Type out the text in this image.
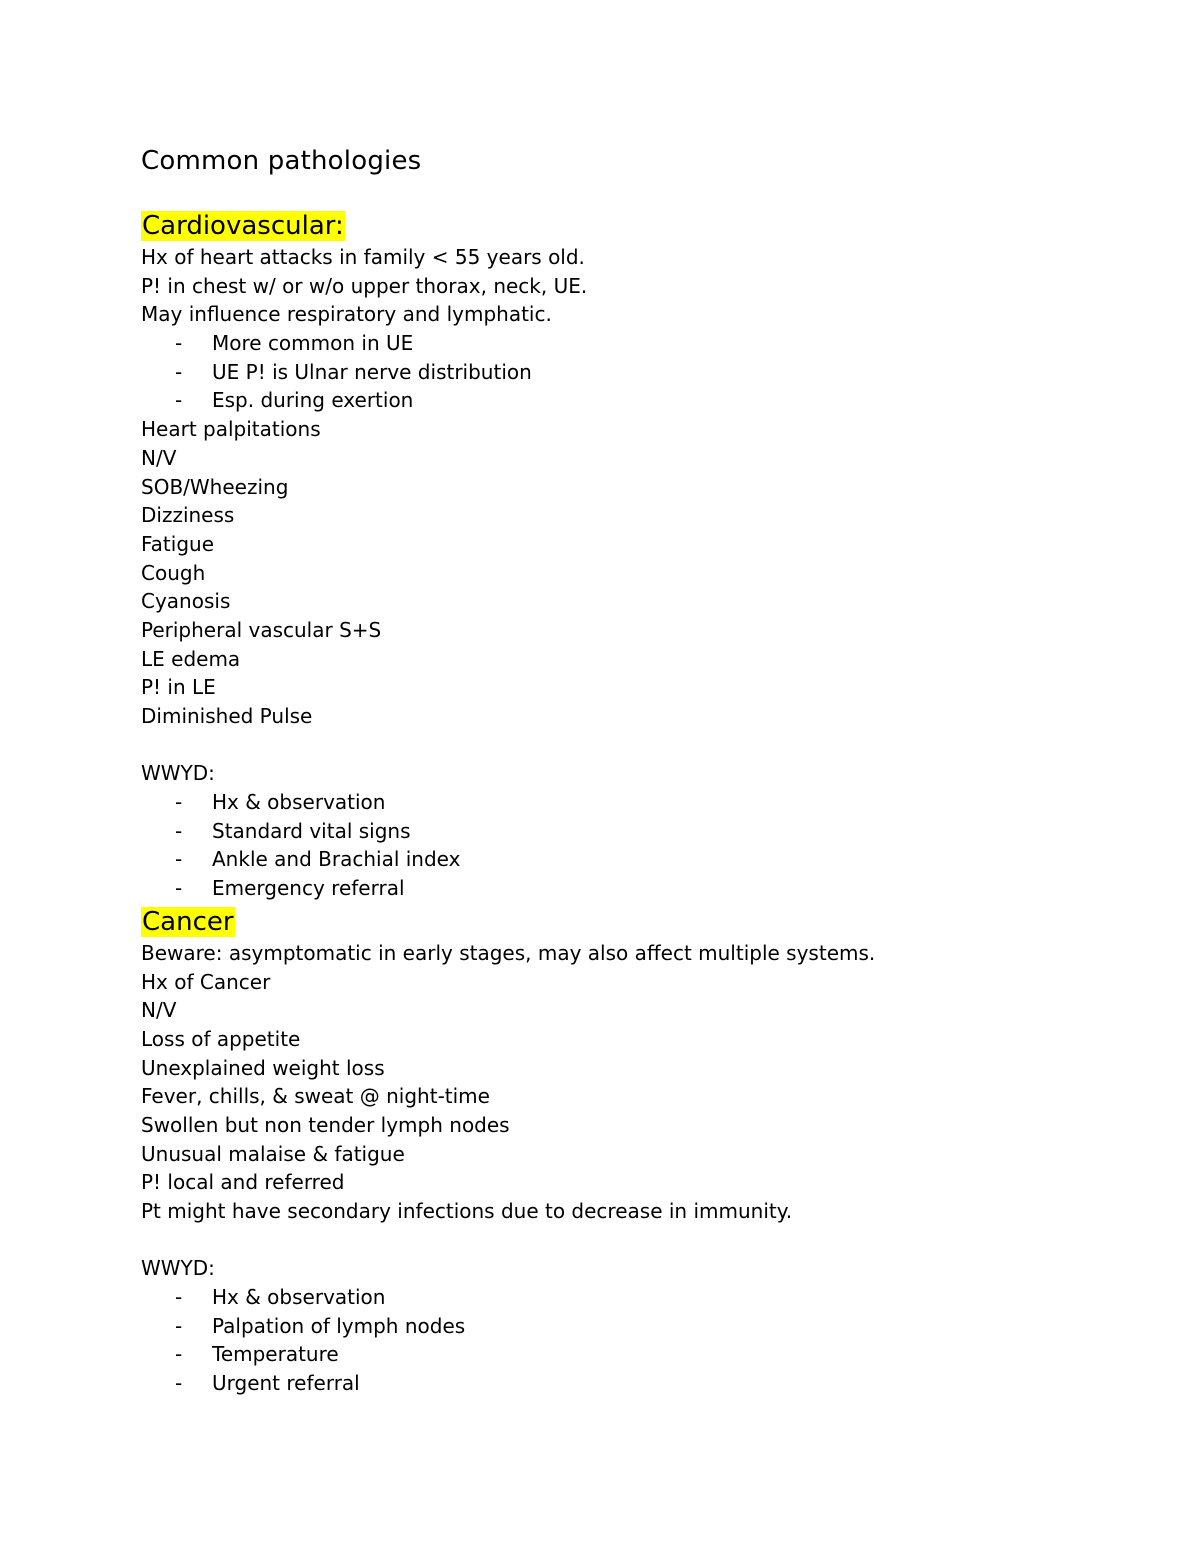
Common pathologies
Cardiovascular:
Hx of heart attacks in family < 55 years old.
P! in chest w/ or w/o upper thorax, neck, UE.
May influence respiratory and lymphatic.
- More common in UE
- UE P! is Ulnar nerve distribution
- Esp. during exertion
Heart palpitations
N/V
SOB/Wheezing
Dizziness
Fatigue
Cough
Cyanosis
Peripheral vascular S+S
LE edema
P! in LE
Diminished Pulse
WWYD:
- Hx & observation
- Standard vital signs
- Ankle and Brachial index
- Emergency referral
Cancer
Beware: asymptomatic in early stages, may also affect multiple systems.
Hx of Cancer
N/V
Loss of appetite
Unexplained weight loss
Fever, chills, & sweat @ night-time
Swollen but non tender lymph nodes
Unusual malaise & fatigue
P! local and referred
Pt might have secondary infections due to decrease in immunity.
WWYD:
- Hx & observation
- Palpation of lymph nodes
- Temperature
- Urgent referral
